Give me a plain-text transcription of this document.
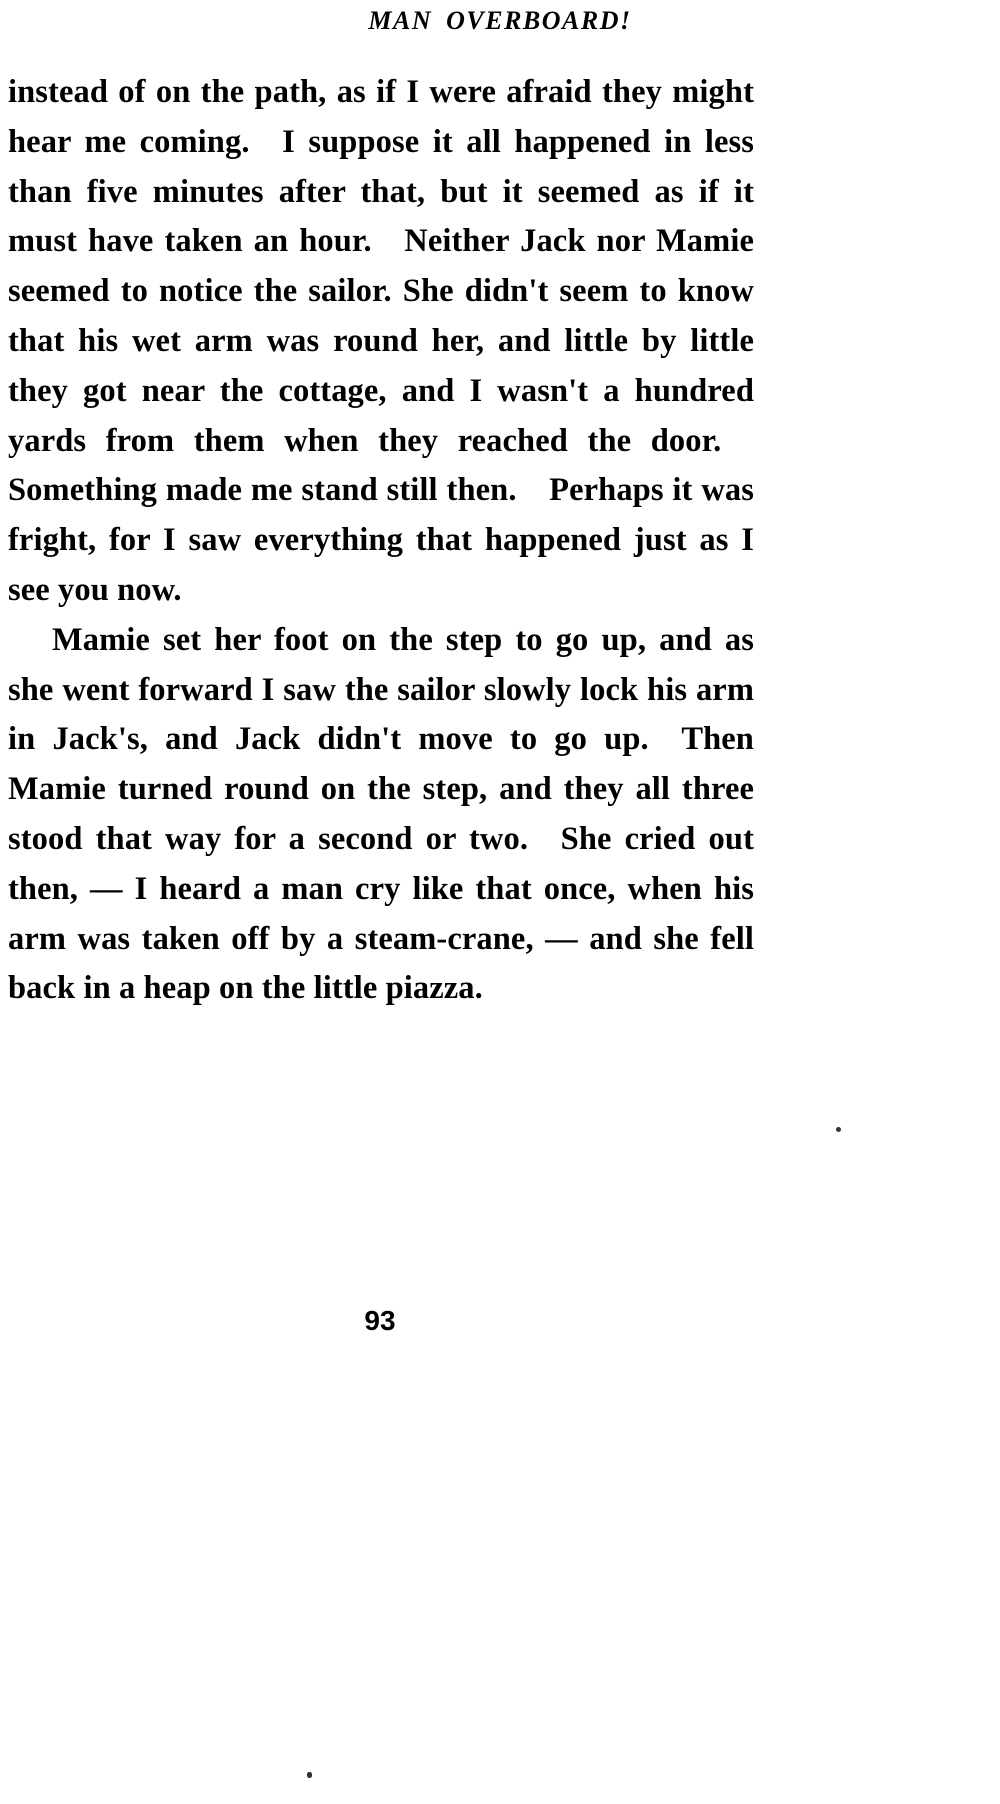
MAN OVERBOARD!

instead of on the path, as if I were afraid they might hear me coming. I suppose it all happened in less than five minutes after that, but it seemed as if it must have taken an hour. Neither Jack nor Mamie seemed to notice the sailor. She didn't seem to know that his wet arm was round her, and little by little they got near the cottage, and I wasn't a hundred yards from them when they reached the door. Something made me stand still then. Perhaps it was fright, for I saw everything that happened just as I see you now.

Mamie set her foot on the step to go up, and as she went forward I saw the sailor slowly lock his arm in Jack's, and Jack didn't move to go up. Then Mamie turned round on the step, and they all three stood that way for a second or two. She cried out then, — I heard a man cry like that once, when his arm was taken off by a steam-crane, — and she fell back in a heap on the little piazza.

93
